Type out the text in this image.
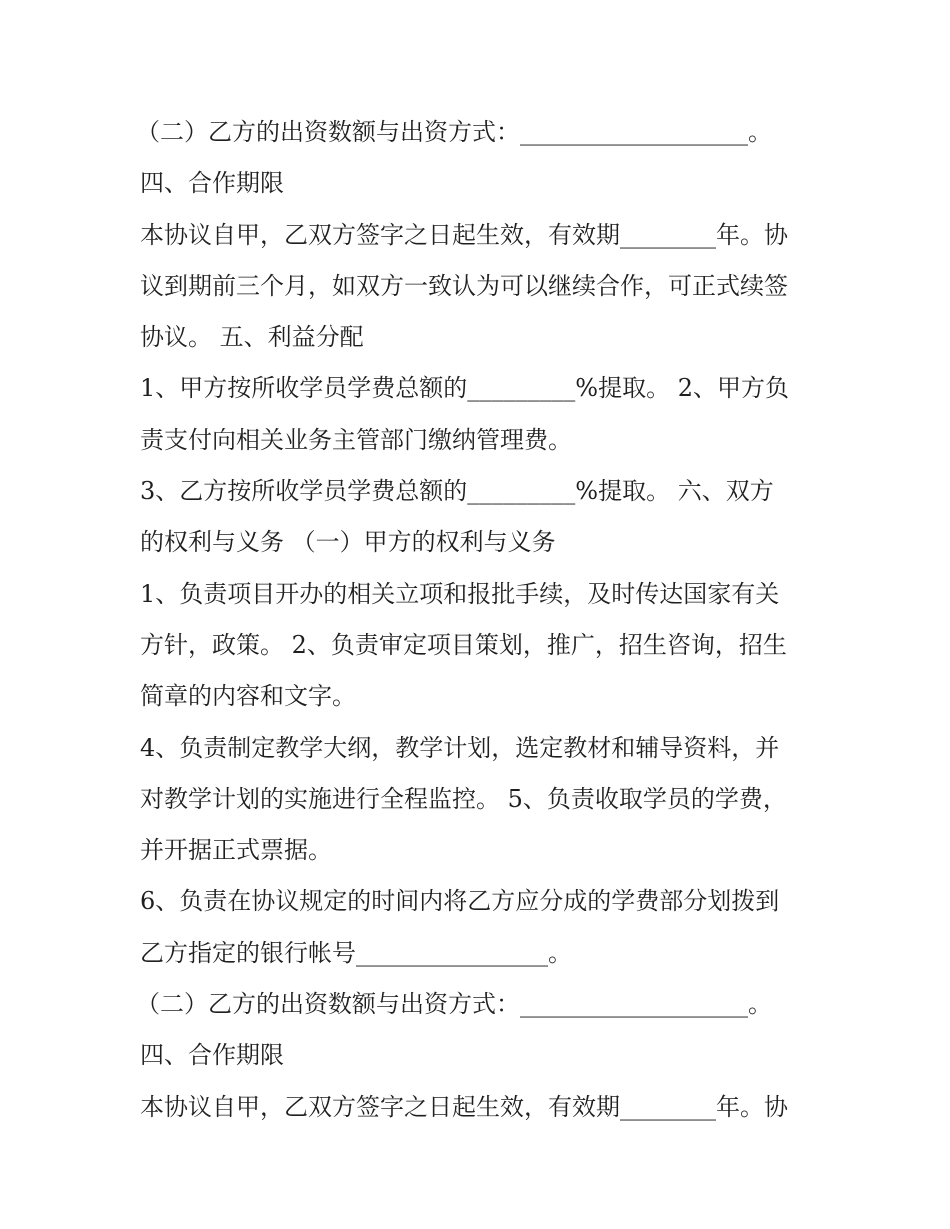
（二）乙方的出资数额与出资方式：___________________。
四、合作期限
本协议自甲，乙双方签字之日起生效，有效期________年。协
议到期前三个月，如双方一致认为可以继续合作，可正式续签
协议。 五、利益分配
1、甲方按所收学员学费总额的_________%提取。 2、甲方负
责支付向相关业务主管部门缴纳管理费。
3、乙方按所收学员学费总额的_________%提取。 六、双方
的权利与义务 （一）甲方的权利与义务
1、负责项目开办的相关立项和报批手续，及时传达国家有关
方针，政策。 2、负责审定项目策划，推广，招生咨询，招生
简章的内容和文字。
4、负责制定教学大纲，教学计划，选定教材和辅导资料，并
对教学计划的实施进行全程监控。 5、负责收取学员的学费，
并开据正式票据。
6、负责在协议规定的时间内将乙方应分成的学费部分划拨到
乙方指定的银行帐号________________。
（二）乙方的出资数额与出资方式：___________________。
四、合作期限
本协议自甲，乙双方签字之日起生效，有效期________年。协
